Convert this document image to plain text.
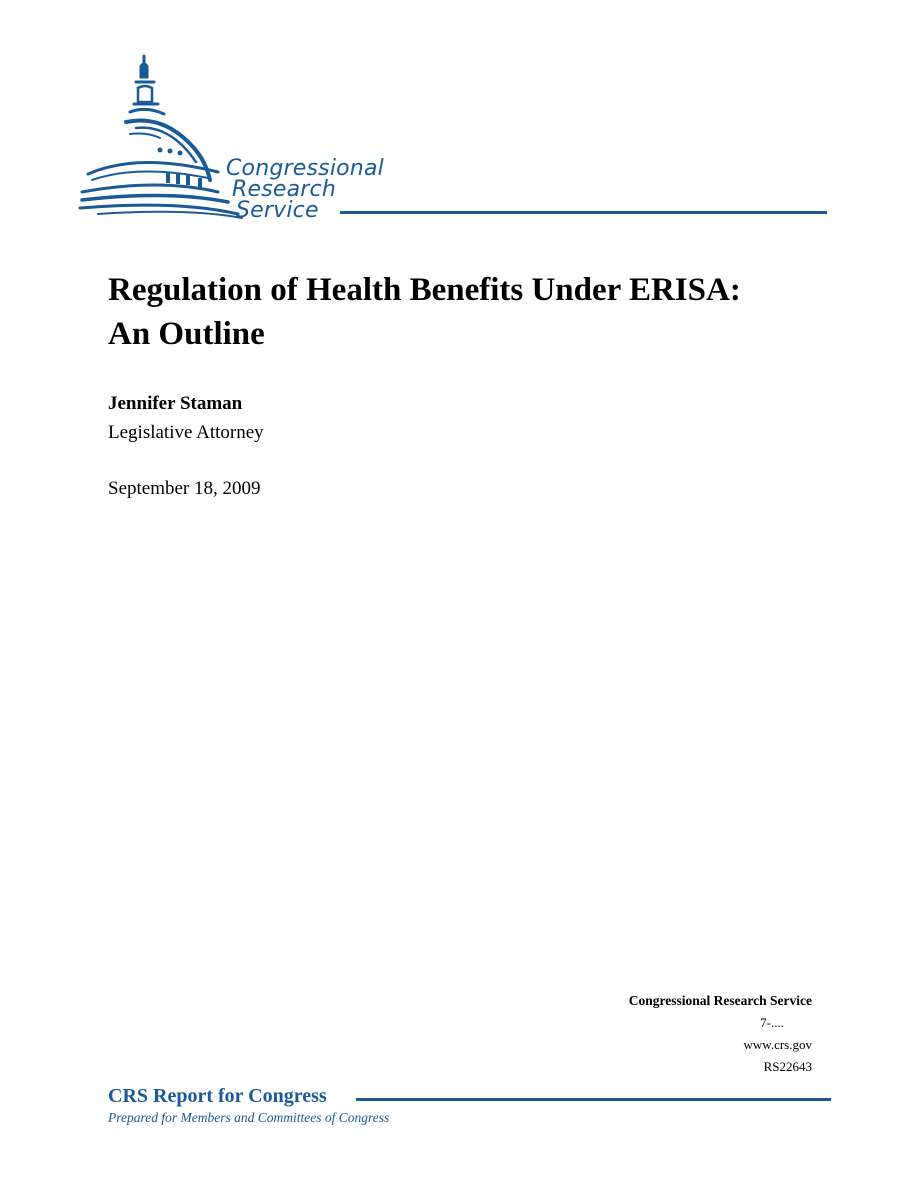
Congressional
Research
Service
Regulation of Health Benefits Under ERISA:
An Outline
Jennifer Staman
Legislative Attorney
September 18, 2009
Congressional Research Service
7-....
www.crs.gov
RS22643
CRS Report for Congress
Prepared for Members and Committees of Congress
